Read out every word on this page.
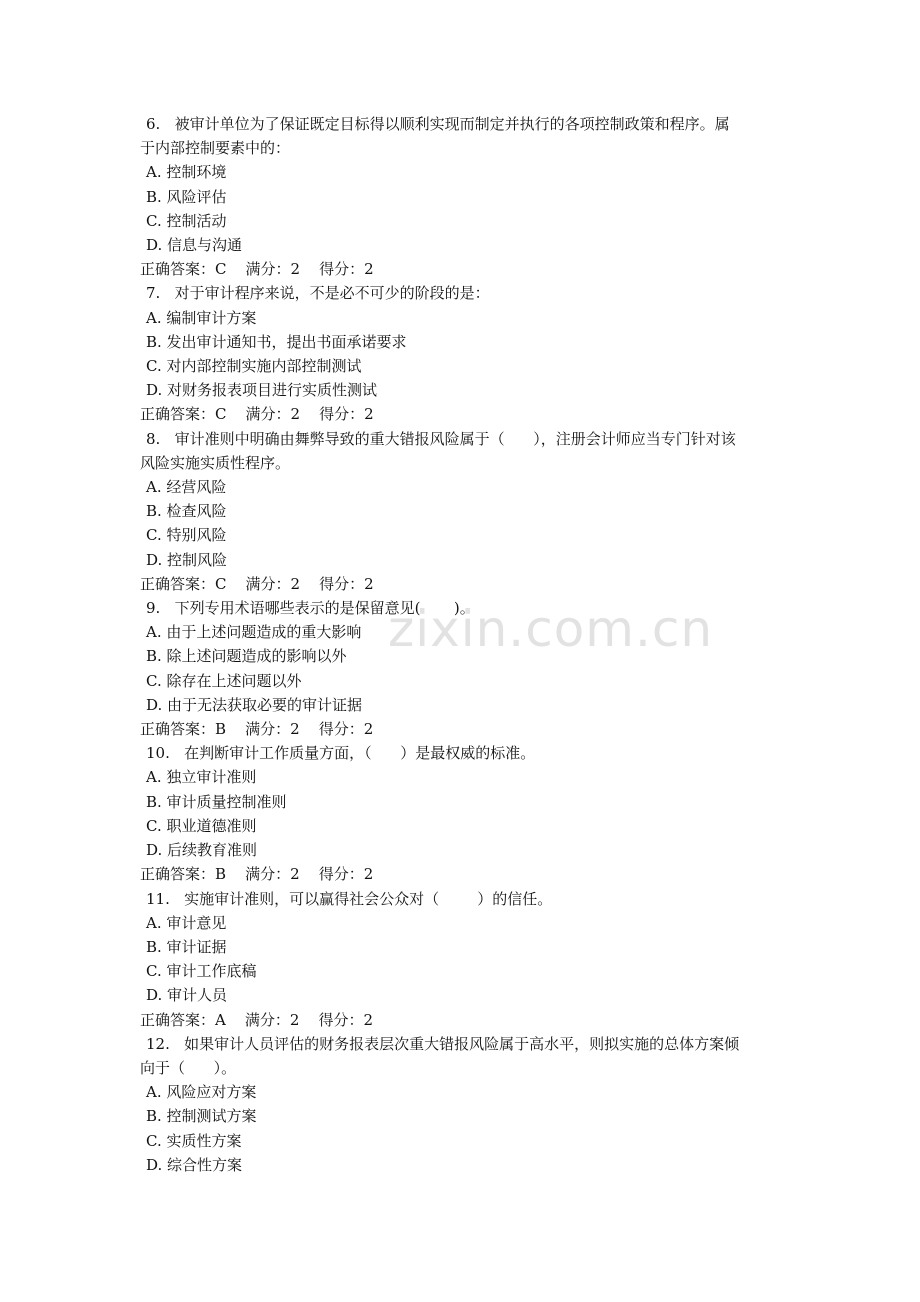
zixin.com.cn
6.   被审计单位为了保证既定目标得以顺利实现而制定并执行的各项控制政策和程序。属
于内部控制要素中的：
A. 控制环境
B. 风险评估
C. 控制活动
D. 信息与沟通
正确答案：C    满分：2    得分：2
7.   对于审计程序来说，不是必不可少的阶段的是：
A. 编制审计方案
B. 发出审计通知书，提出书面承诺要求
C. 对内部控制实施内部控制测试
D. 对财务报表项目进行实质性测试
正确答案：C    满分：2    得分：2
8.   审计准则中明确由舞弊导致的重大错报风险属于（      ），注册会计师应当专门针对该
风险实施实质性程序。
A. 经营风险
B. 检查风险
C. 特别风险
D. 控制风险
正确答案：C    满分：2    得分：2
9.   下列专用术语哪些表示的是保留意见(       )。
A. 由于上述问题造成的重大影响
B. 除上述问题造成的影响以外
C. 除存在上述问题以外
D. 由于无法获取必要的审计证据
正确答案：B    满分：2    得分：2
10.   在判断审计工作质量方面，（      ）是最权威的标准。
A. 独立审计准则
B. 审计质量控制准则
C. 职业道德准则
D. 后续教育准则
正确答案：B    满分：2    得分：2
11.   实施审计准则，可以赢得社会公众对（        ）的信任。
A. 审计意见
B. 审计证据
C. 审计工作底稿
D. 审计人员
正确答案：A    满分：2    得分：2
12.   如果审计人员评估的财务报表层次重大错报风险属于高水平，则拟实施的总体方案倾
向于（      ）。
A. 风险应对方案
B. 控制测试方案
C. 实质性方案
D. 综合性方案
